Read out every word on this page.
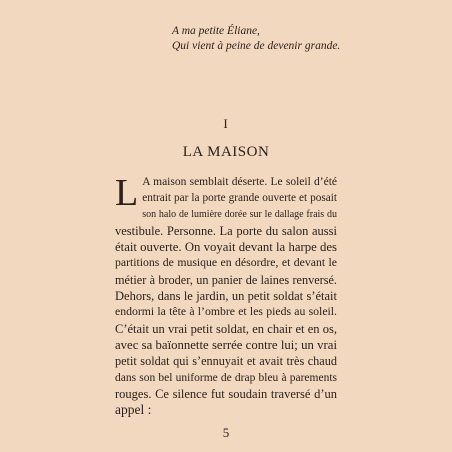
A ma petite Éliane,
Qui vient à peine de devenir grande.
I
LA MAISON
L A maison semblait déserte. Le soleil d’été
entrait par la porte grande ouverte et posait
son halo de lumière dorée sur le dallage frais du
vestibule. Personne. La porte du salon aussi
était ouverte. On voyait devant la harpe des
partitions de musique en désordre, et devant le
métier à broder, un panier de laines renversé.
Dehors, dans le jardin, un petit soldat s’était
endormi la tête à l’ombre et les pieds au soleil.
C’était un vrai petit soldat, en chair et en os,
avec sa baïonnette serrée contre lui; un vrai
petit soldat qui s’ennuyait et avait très chaud
dans son bel uniforme de drap bleu à parements
rouges. Ce silence fut soudain traversé d’un
appel :
5
